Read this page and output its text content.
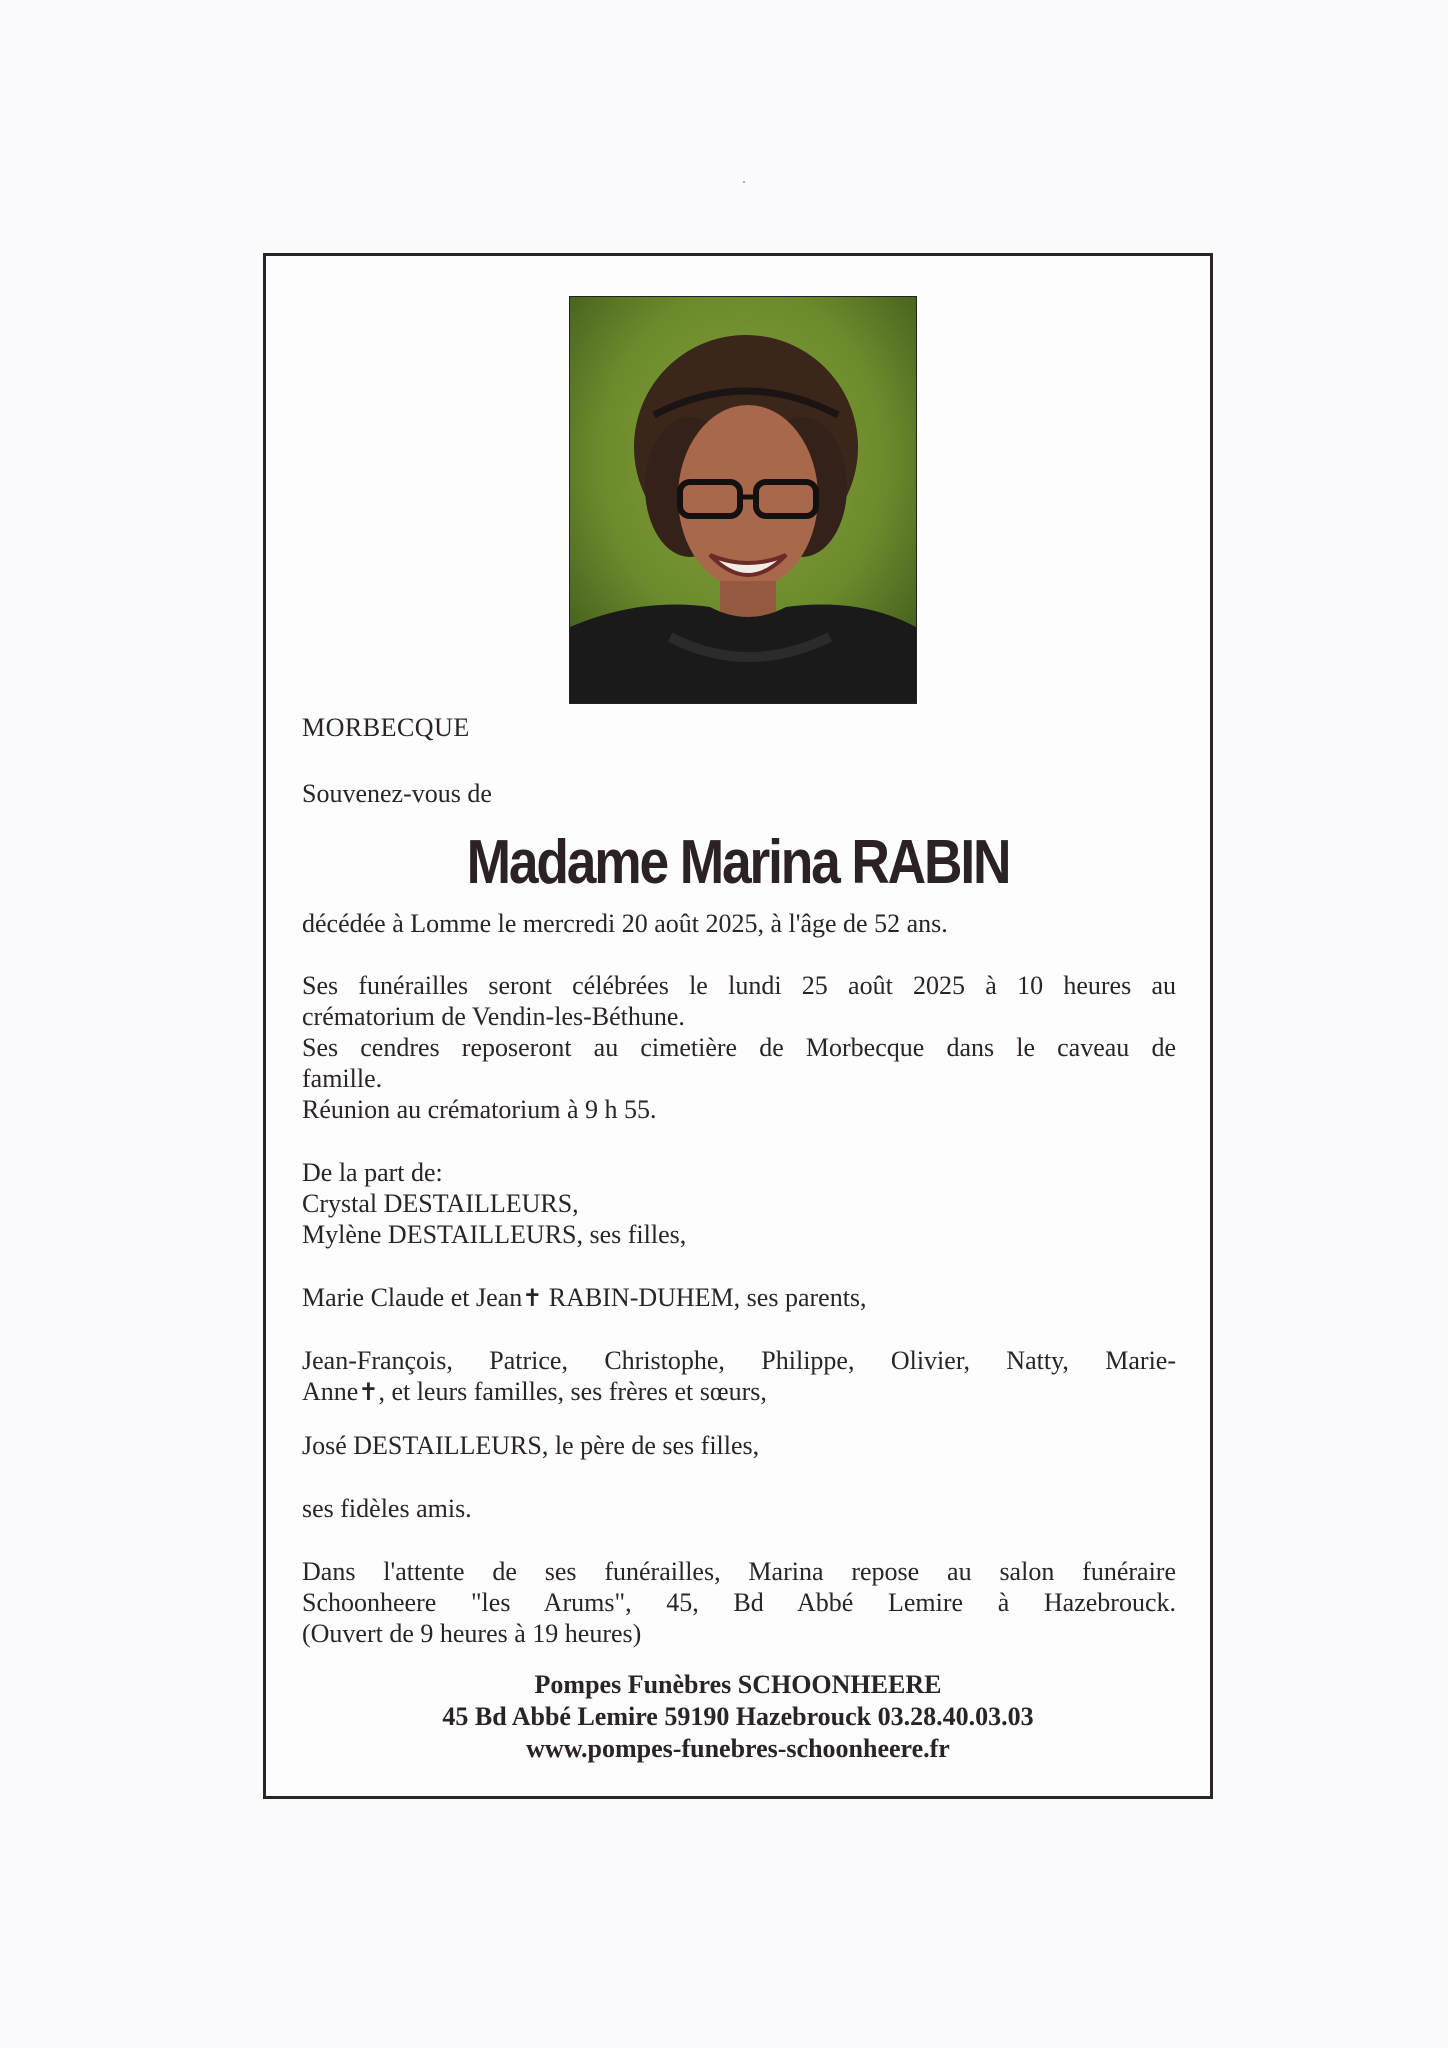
MORBECQUE
Souvenez-vous de
Madame Marina RABIN
décédée à Lomme le mercredi 20 août 2025, à l'âge de 52 ans.
Ses funérailles seront célébrées le lundi 25 août 2025 à 10 heures au
crématorium de Vendin-les-Béthune.
Ses cendres reposeront au cimetière de Morbecque dans le caveau de
famille.
Réunion au crématorium à 9 h 55.
De la part de:
Crystal DESTAILLEURS,
Mylène DESTAILLEURS, ses filles,
Marie Claude et Jean✝ RABIN-DUHEM, ses parents,
Jean-François, Patrice, Christophe, Philippe, Olivier, Natty, Marie-
Anne✝, et leurs familles, ses frères et sœurs,
José DESTAILLEURS, le père de ses filles,
ses fidèles amis.
Dans l'attente de ses funérailles, Marina repose au salon funéraire
Schoonheere "les Arums", 45, Bd Abbé Lemire à Hazebrouck.
(Ouvert de 9 heures à 19 heures)
Pompes Funèbres SCHOONHEERE
45 Bd Abbé Lemire 59190 Hazebrouck 03.28.40.03.03
www.pompes-funebres-schoonheere.fr
